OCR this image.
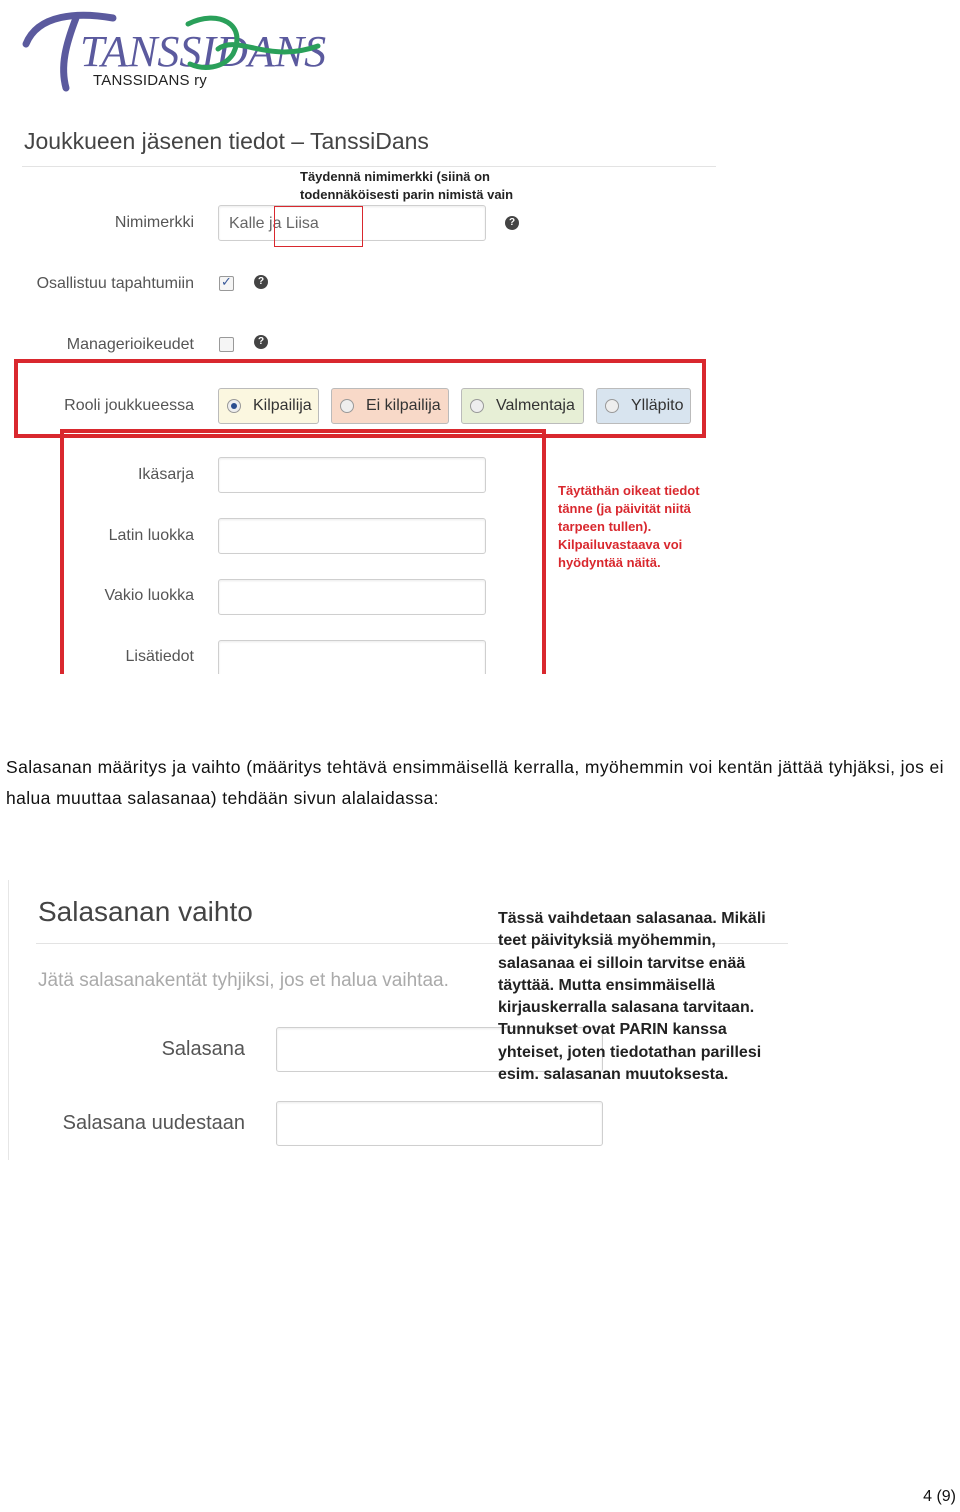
TANSSIDANS
TANSSIDANS ry
Joukkueen jäsenen tiedot – TanssiDans
Täydennä nimimerkki (siinä on
todennäköisesti parin nimistä vain
Nimimerkki Kalle ja Liisa	?
Osallistuu tapahtumiin ✓	?
Managerioikeudet	?
Rooli joukkueessa	Kilpailija	Ei kilpailija	Valmentaja	Ylläpito
Ikäsarja
Latin luokka
Vakio luokka
Lisätiedot
Täytäthän oikeat tiedot
tänne (ja päivität niitä
tarpeen tullen).
Kilpailuvastaava voi
hyödyntää näitä.
Salasanan määritys ja vaihto (määritys tehtävä ensimmäisellä kerralla, myöhemmin voi kentän jättää tyhjäksi, jos ei halua muuttaa salasanaa) tehdään sivun alalaidassa:
Salasanan vaihto
Jätä salasanakentät tyhjiksi, jos et halua vaihtaa.
Salasana
Salasana uudestaan
Tässä vaihdetaan salasanaa. Mikäli teet päivityksiä myöhemmin, salasanaa ei silloin tarvitse enää täyttää. Mutta ensimmäisellä kirjauskerralla salasana tarvitaan. Tunnukset ovat PARIN kanssa yhteiset, joten tiedotathan parillesi esim. salasanan muutoksesta.
4 (9)
